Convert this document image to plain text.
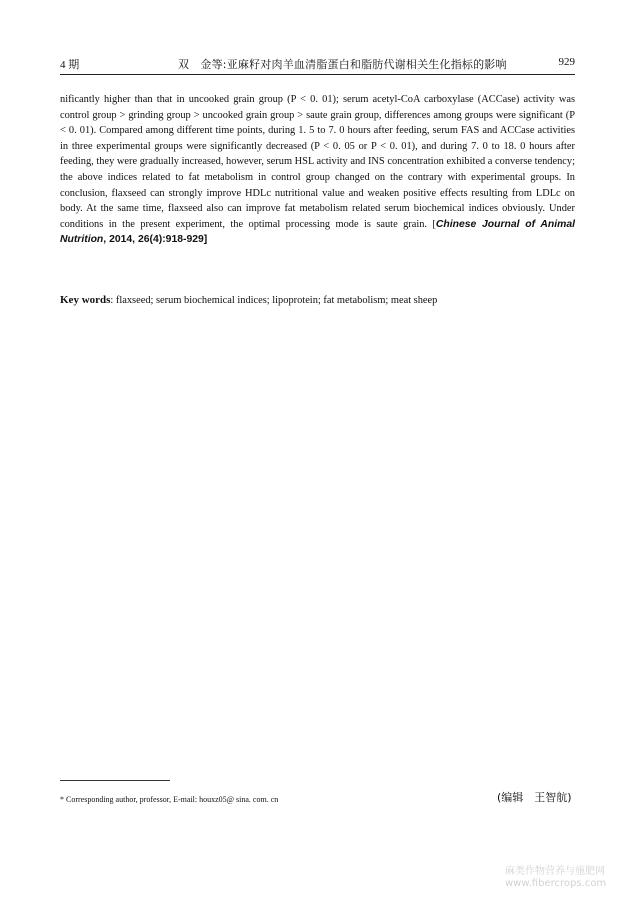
4 期	双　金等:亚麻籽对肉羊血清脂蛋白和脂肪代谢相关生化指标的影响	929
nificantly higher than that in uncooked grain group (P < 0. 01); serum acetyl-CoA carboxylase (ACCase) activity was control group > grinding group > uncooked grain group > saute grain group, differences among groups were significant (P < 0. 01). Compared among different time points, during 1. 5 to 7. 0 hours after feeding, serum FAS and ACCase activities in three experimental groups were significantly decreased (P < 0. 05 or P < 0. 01), and during 7. 0 to 18. 0 hours after feeding, they were gradually increased, however, serum HSL activity and INS concentration exhibited a converse tendency; the above indices related to fat metabolism in control group changed on the contrary with experimental groups. In conclusion, flaxseed can strongly improve HDLc nutritional value and weaken positive effects resulting from LDLc on body. At the same time, flaxseed also can improve fat metabolism related serum biochemical indices obviously. Under conditions in the present experiment, the optimal processing mode is saute grain. [Chinese Journal of Animal Nutrition, 2014, 26(4):918-929]
Key words: flaxseed; serum biochemical indices; lipoprotein; fat metabolism; meat sheep
* Corresponding author, professor, E-mail: houxz05@ sina. com. cn	(编辑　王智航)
麻类作物营养与施肥网
www.fibercrops.com
